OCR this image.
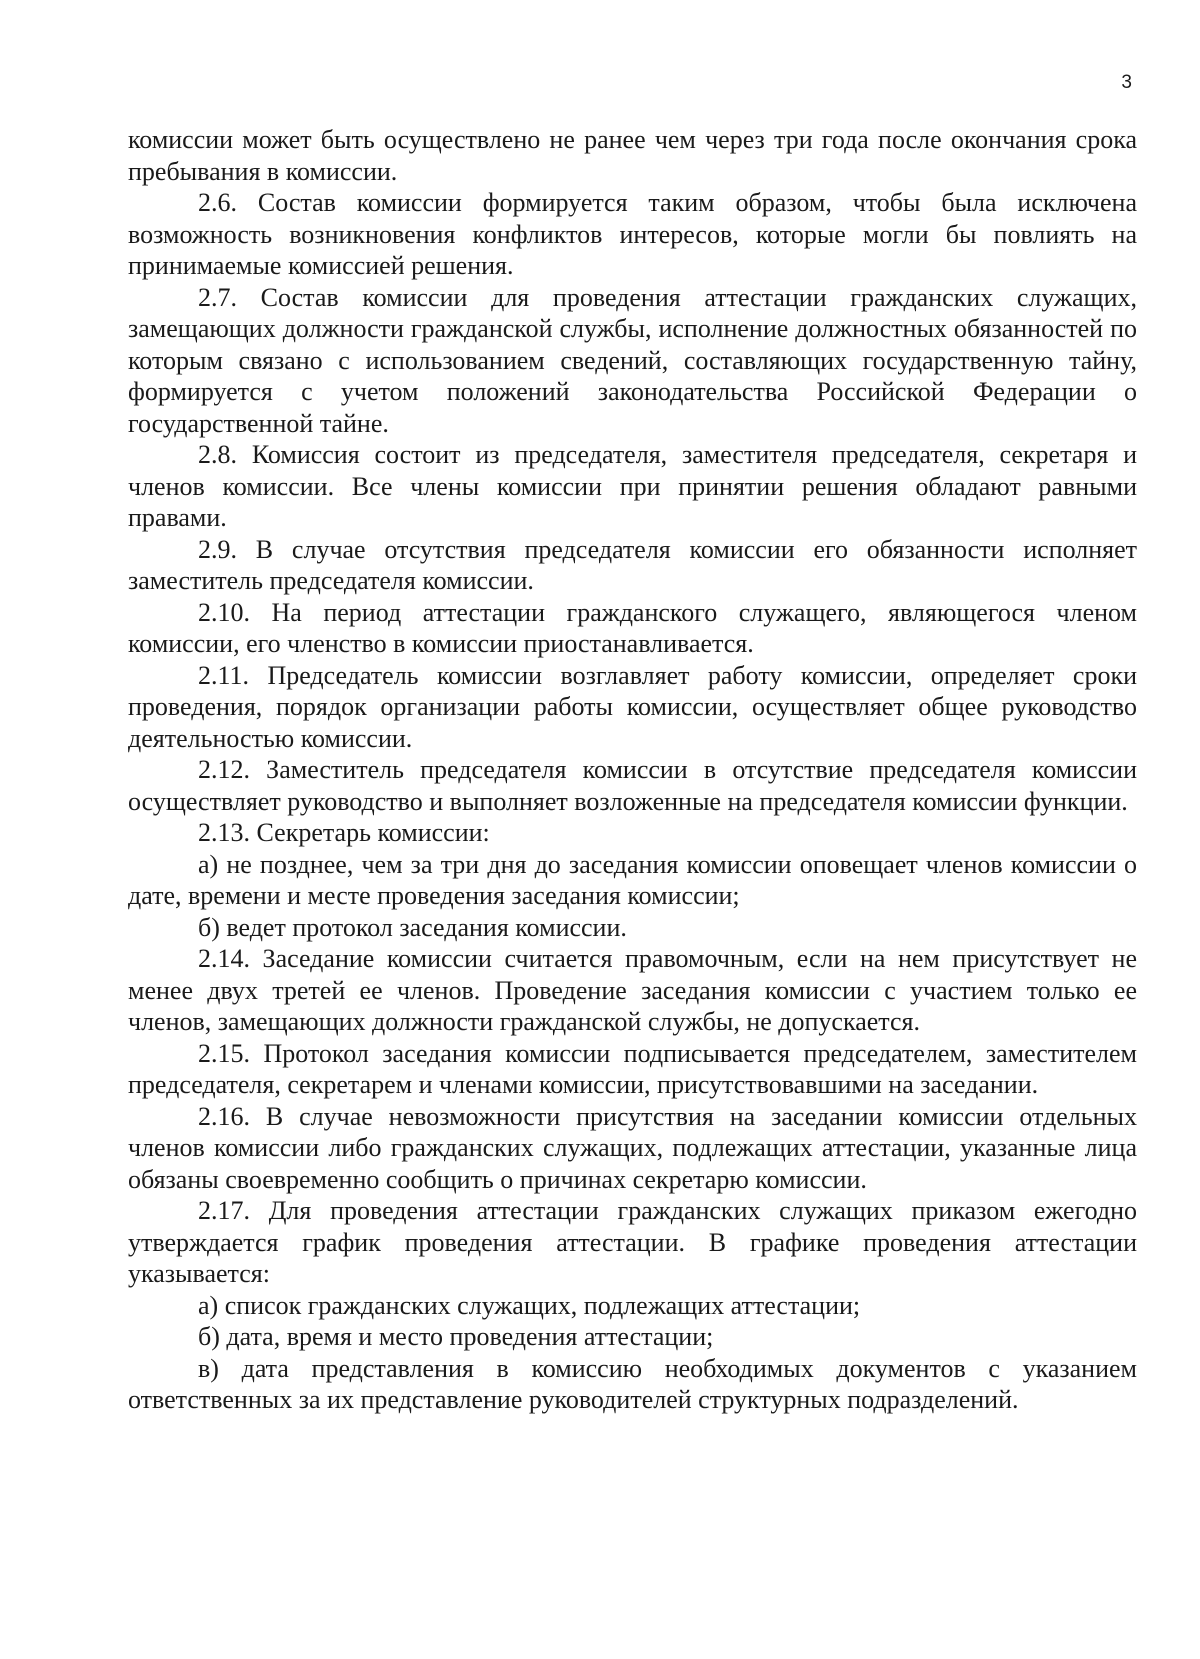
3

комиссии может быть осуществлено не ранее чем через три года после окончания срока пребывания в комиссии.

2.6. Состав комиссии формируется таким образом, чтобы была исключена возможность возникновения конфликтов интересов, которые могли бы повлиять на принимаемые комиссией решения.

2.7. Состав комиссии для проведения аттестации гражданских служащих, замещающих должности гражданской службы, исполнение должностных обязанностей по которым связано с использованием сведений, составляющих государственную тайну, формируется с учетом положений законодательства Российской Федерации о государственной тайне.

2.8. Комиссия состоит из председателя, заместителя председателя, секретаря и членов комиссии. Все члены комиссии при принятии решения обладают равными правами.

2.9. В случае отсутствия председателя комиссии его обязанности исполняет заместитель председателя комиссии.

2.10. На период аттестации гражданского служащего, являющегося членом комиссии, его членство в комиссии приостанавливается.

2.11. Председатель комиссии возглавляет работу комиссии, определяет сроки проведения, порядок организации работы комиссии, осуществляет общее руководство деятельностью комиссии.

2.12. Заместитель председателя комиссии в отсутствие председателя комиссии осуществляет руководство и выполняет возложенные на председателя комиссии функции.

2.13. Секретарь комиссии:

а) не позднее, чем за три дня до заседания комиссии оповещает членов комиссии о дате, времени и месте проведения заседания комиссии;

б) ведет протокол заседания комиссии.

2.14. Заседание комиссии считается правомочным, если на нем присутствует не менее двух третей ее членов. Проведение заседания комиссии с участием только ее членов, замещающих должности гражданской службы, не допускается.

2.15. Протокол заседания комиссии подписывается председателем, заместителем председателя, секретарем и членами комиссии, присутствовавшими на заседании.

2.16. В случае невозможности присутствия на заседании комиссии отдельных членов комиссии либо гражданских служащих, подлежащих аттестации, указанные лица обязаны своевременно сообщить о причинах секретарю комиссии.

2.17. Для проведения аттестации гражданских служащих приказом ежегодно утверждается график проведения аттестации. В графике проведения аттестации указывается:

а) список гражданских служащих, подлежащих аттестации;

б) дата, время и место проведения аттестации;

в) дата представления в комиссию необходимых документов с указанием ответственных за их представление руководителей структурных подразделений.
